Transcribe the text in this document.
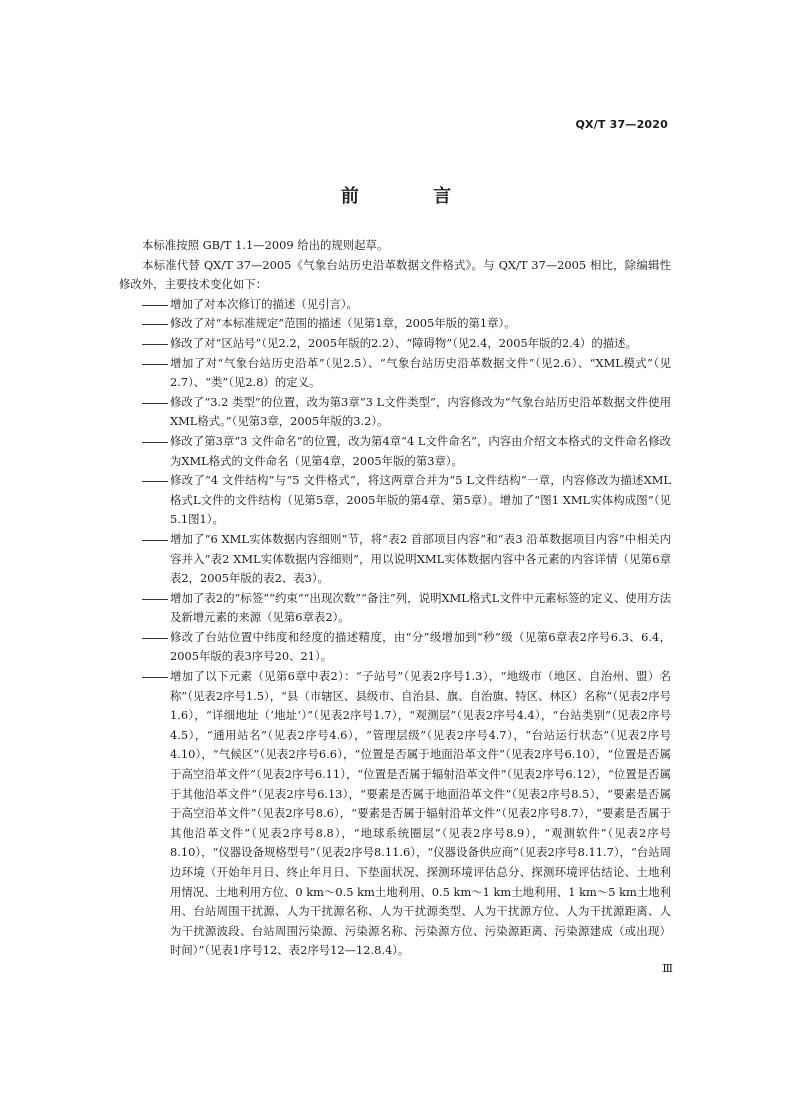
QX/T 37—2020
前 言

本标准按照 GB/T 1.1—2009 给出的规则起草。

本标准代替 QX/T 37—2005《气象台站历史沿革数据文件格式》。与 QX/T 37—2005 相比，除编辑性修改外，主要技术变化如下：

增加了对本次修订的描述（见引言）。
修改了对“本标准规定”范围的描述（见第1章，2005年版的第1章）。
修改了对“区站号”（见2.2，2005年版的2.2）、“障碍物”（见2.4，2005年版的2.4）的描述。
增加了对“气象台站历史沿革”（见2.5）、“气象台站历史沿革数据文件”（见2.6）、“XML模式”（见2.7）、“类”（见2.8）的定义。
修改了“3.2 类型”的位置，改为第3章“3 L文件类型”，内容修改为“气象台站历史沿革数据文件使用XML格式。”（见第3章，2005年版的3.2）。
修改了第3章“3 文件命名”的位置，改为第4章“4 L文件命名”，内容由介绍文本格式的文件命名修改为XML格式的文件命名（见第4章，2005年版的第3章）。
修改了“4 文件结构”与“5 文件格式”，将这两章合并为“5 L文件结构”一章，内容修改为描述XML格式L文件的文件结构（见第5章，2005年版的第4章、第5章）。增加了“图1 XML实体构成图”（见5.1图1）。
增加了“6 XML实体数据内容细则”节，将“表2 首部项目内容”和“表3 沿革数据项目内容”中相关内容并入“表2 XML实体数据内容细则”，用以说明XML实体数据内容中各元素的内容详情（见第6章表2，2005年版的表2、表3）。
增加了表2的“标签”“约束”“出现次数”“备注”列，说明XML格式L文件中元素标签的定义、使用方法及新增元素的来源（见第6章表2）。
修改了台站位置中纬度和经度的描述精度，由“分”级增加到“秒”级（见第6章表2序号6.3、6.4，2005年版的表3序号20、21）。
增加了以下元素（见第6章中表2）：“子站号”（见表2序号1.3），“地级市（地区、自治州、盟）名称”（见表2序号1.5），“县（市辖区、县级市、自治县、旗、自治旗、特区、林区）名称”（见表2序号1.6），“详细地址（‘地址’）”（见表2序号1.7），“观测层”（见表2序号4.4），“台站类别”（见表2序号4.5），“通用站名”（见表2序号4.6），“管理层级”（见表2序号4.7），“台站运行状态”（见表2序号4.10），“气候区”（见表2序号6.6），“位置是否属于地面沿革文件”（见表2序号6.10），“位置是否属于高空沿革文件”（见表2序号6.11），“位置是否属于辐射沿革文件”（见表2序号6.12），“位置是否属于其他沿革文件”（见表2序号6.13），“要素是否属于地面沿革文件”（见表2序号8.5），“要素是否属于高空沿革文件”（见表2序号8.6），“要素是否属于辐射沿革文件”（见表2序号8.7），“要素是否属于其他沿革文件”（见表2序号8.8），“地球系统圈层”（见表2序号8.9），“观测软件”（见表2序号8.10），“仪器设备规格型号”（见表2序号8.11.6），“仪器设备供应商”（见表2序号8.11.7），“台站周边环境（开始年月日、终止年月日、下垫面状况、探测环境评估总分、探测环境评估结论、土地利用情况、土地利用方位、0 km～0.5 km土地利用、0.5 km～1 km土地利用、1 km～5 km土地利用、台站周围干扰源、人为干扰源名称、人为干扰源类型、人为干扰源方位、人为干扰源距离、人为干扰源波段、台站周围污染源、污染源名称、污染源方位、污染源距离、污染源建成（或出现）时间）”（见表1序号12、表2序号12—12.8.4）。
Ⅲ
